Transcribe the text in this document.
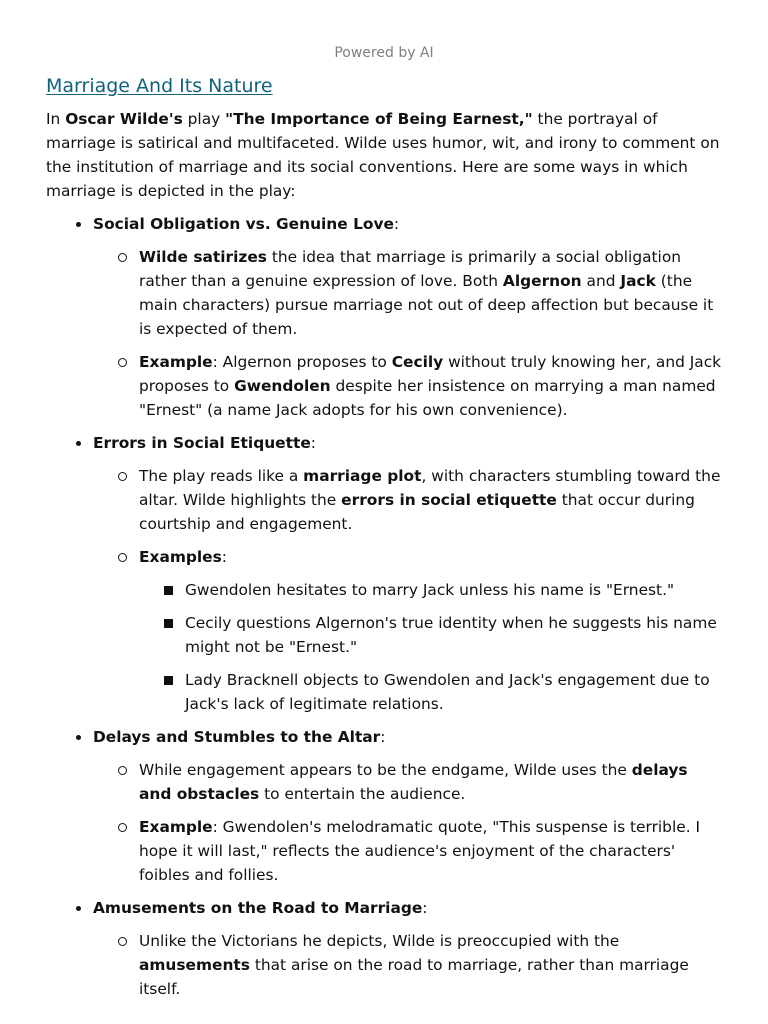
Powered by AI
Marriage And Its Nature

In Oscar Wilde's play "The Importance of Being Earnest," the portrayal of marriage is satirical and multifaceted. Wilde uses humor, wit, and irony to comment on the institution of marriage and its social conventions. Here are some ways in which marriage is depicted in the play:

Social Obligation vs. Genuine Love:
Wilde satirizes the idea that marriage is primarily a social obligation rather than a genuine expression of love. Both Algernon and Jack (the main characters) pursue marriage not out of deep affection but because it is expected of them.
Example: Algernon proposes to Cecily without truly knowing her, and Jack proposes to Gwendolen despite her insistence on marrying a man named "Ernest" (a name Jack adopts for his own convenience).
Errors in Social Etiquette:
The play reads like a marriage plot, with characters stumbling toward the altar. Wilde highlights the errors in social etiquette that occur during courtship and engagement.
Examples:
Gwendolen hesitates to marry Jack unless his name is "Ernest."
Cecily questions Algernon's true identity when he suggests his name might not be "Ernest."
Lady Bracknell objects to Gwendolen and Jack's engagement due to Jack's lack of legitimate relations.
Delays and Stumbles to the Altar:
While engagement appears to be the endgame, Wilde uses the delays and obstacles to entertain the audience.
Example: Gwendolen's melodramatic quote, "This suspense is terrible. I hope it will last," reflects the audience's enjoyment of the characters' foibles and follies.
Amusements on the Road to Marriage:
Unlike the Victorians he depicts, Wilde is preoccupied with the amusements that arise on the road to marriage, rather than marriage itself.
